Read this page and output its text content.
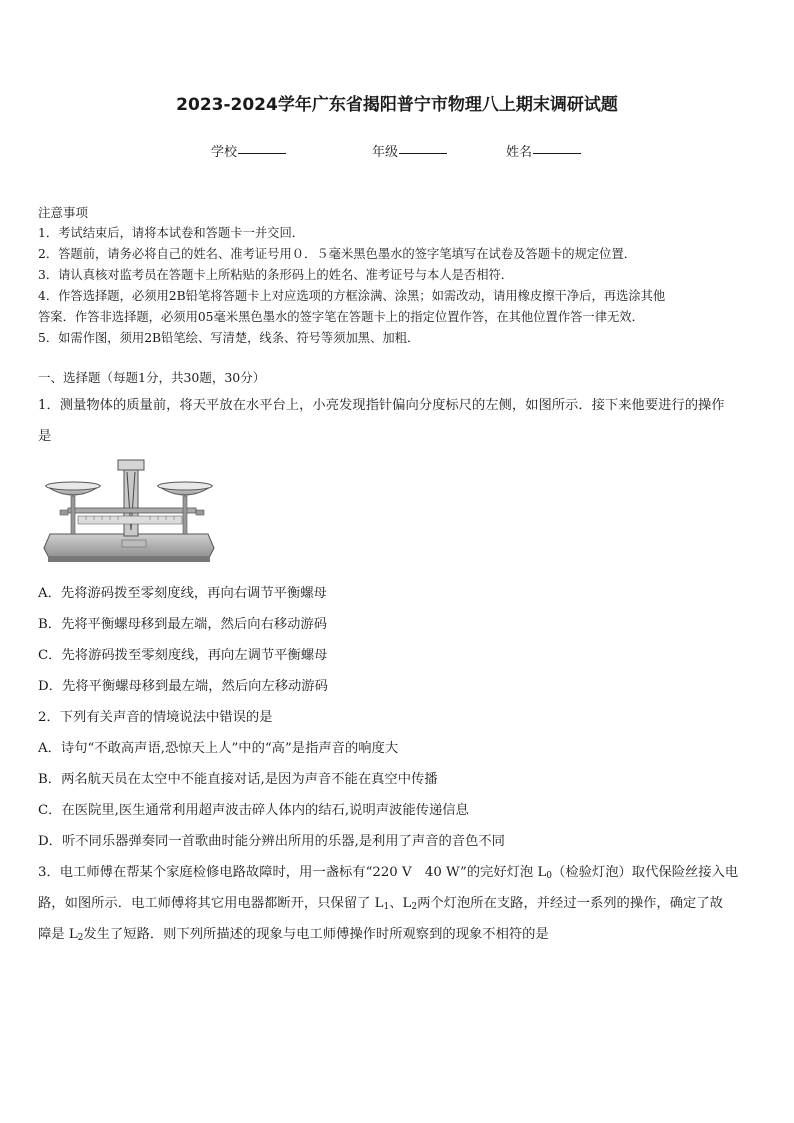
2023-2024学年广东省揭阳普宁市物理八上期末调研试题
学校	年级	姓名

注意事项

1．考试结束后，请将本试卷和答题卡一并交回．

2．答题前，请务必将自己的姓名、准考证号用０．５毫米黑色墨水的签字笔填写在试卷及答题卡的规定位置．

3．请认真核对监考员在答题卡上所粘贴的条形码上的姓名、准考证号与本人是否相符．

4．作答选择题，必须用2B铅笔将答题卡上对应选项的方框涂满、涂黑；如需改动，请用橡皮擦干净后，再选涂其他

答案．作答非选择题，必须用05毫米黑色墨水的签字笔在答题卡上的指定位置作答，在其他位置作答一律无效．

5．如需作图，须用2B铅笔绘、写清楚，线条、符号等须加黑、加粗．

一、选择题（每题1分，共30题，30分）
1．测量物体的质量前，将天平放在水平台上，小亮发现指针偏向分度标尺的左侧，如图所示．接下来他要进行的操作
是
A．先将游码拨至零刻度线，再向右调节平衡螺母
B．先将平衡螺母移到最左端，然后向右移动游码
C．先将游码拨至零刻度线，再向左调节平衡螺母
D．先将平衡螺母移到最左端，然后向左移动游码
2．下列有关声音的情境说法中错误的是
A．诗句“不敢高声语,恐惊天上人”中的“高”是指声音的响度大
B．两名航天员在太空中不能直接对话,是因为声音不能在真空中传播
C．在医院里,医生通常利用超声波击碎人体内的结石,说明声波能传递信息
D．听不同乐器弹奏同一首歌曲时能分辨出所用的乐器,是利用了声音的音色不同
3．电工师傅在帮某个家庭检修电路故障时，用一盏标有“220 V　40 W”的完好灯泡 $L_0$（检验灯泡）取代保险丝接入电
路，如图所示．电工师傅将其它用电器都断开，只保留了 $L_1$、$L_2$两个灯泡所在支路，并经过一系列的操作，确定了故
障是 $L_2$发生了短路．则下列所描述的现象与电工师傅操作时所观察到的现象不相符的是
